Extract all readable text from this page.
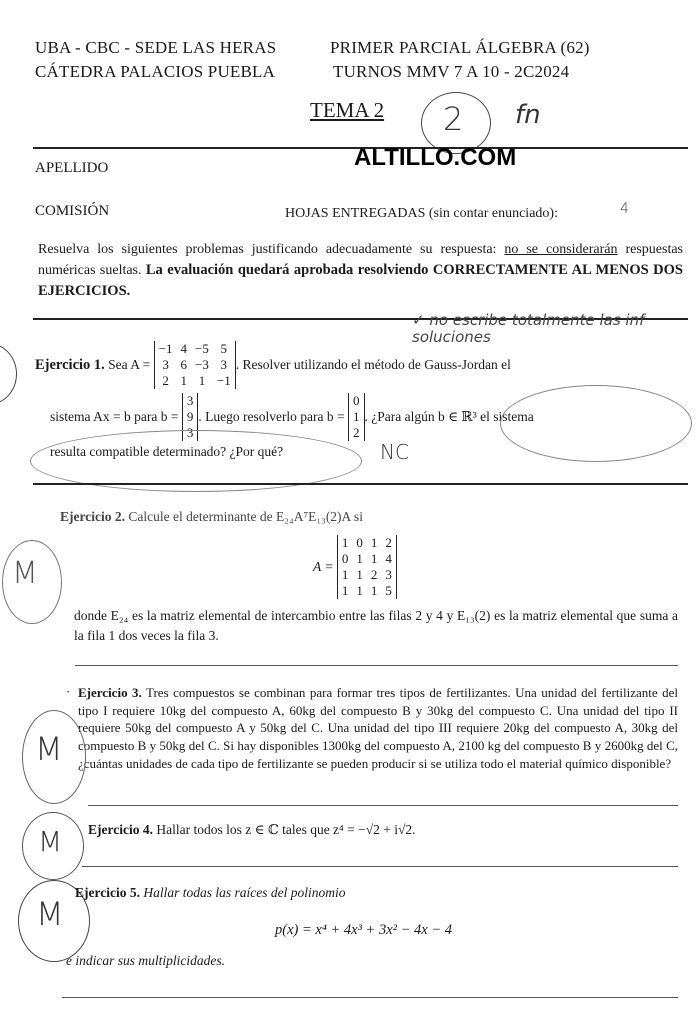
UBA - CBC - SEDE LAS HERAS
CÁTEDRA PALACIOS PUEBLA
PRIMER PARCIAL ÁLGEBRA (62)
TURNOS MMV 7 A 10 - 2C2024
TEMA 2 2 fn
ALTILLO.COM
APELLIDO
COMISIÓN	HOJAS ENTREGADAS (sin contar enunciado):	4
Resuelva los siguientes problemas justificando adecuadamente su respuesta: no se considerarán respuestas numéricas sueltas. La evaluación quedará aprobada resolviendo CORRECTAMENTE AL MENOS DOS EJERCICIOS.
Ejercicio 1.
Sea A =

−1	4	−5	5
3	6	−3	3
2	1	1	−1
. Resolver utilizando el método de Gauss-Jordan el
✓ no escribe totalmente las inf soluciones
sistema Ax = b para b =

3
9
3
. Luego resolverlo para b =

0
1
2
. ¿Para algún b ∈ ℝ³ el sistema
resulta compatible determinado? ¿Por qué?	NC
Ejercicio 2. Calcule el determinante de E₂₄A⁷E₁₃(2)A si
M	A =

1	0	1	2
0	1	1	4
1	1	2	3
1	1	1	5
donde E₂₄ es la matriz elemental de intercambio entre las filas 2 y 4 y E₁₃(2) es la matriz elemental que suma a la fila 1 dos veces la fila 3.
· Ejercicio 3. Tres compuestos se combinan para formar tres tipos de fertilizantes. Una unidad del fertilizante del tipo I requiere 10kg del compuesto A, 60kg del compuesto B y 30kg del compuesto C. Una unidad del tipo II requiere 50kg del compuesto A y 50kg del C. Una unidad del tipo III requiere 20kg del compuesto A, 30kg del compuesto B y 50kg del C. Si hay disponibles 1300kg del compuesto A, 2100 kg del compuesto B y 2600kg del C, ¿cuántas unidades de cada tipo de fertilizante se pueden producir si se utiliza todo el material químico disponible?
M
M Ejercicio 4. Hallar todos los z ∈ ℂ tales que z⁴ = −√2 + i√2.
M
Ejercicio 5. Hallar todas las raíces del polinomio
p(x) = x⁴ + 4x³ + 3x² − 4x − 4
e indicar sus multiplicidades.
